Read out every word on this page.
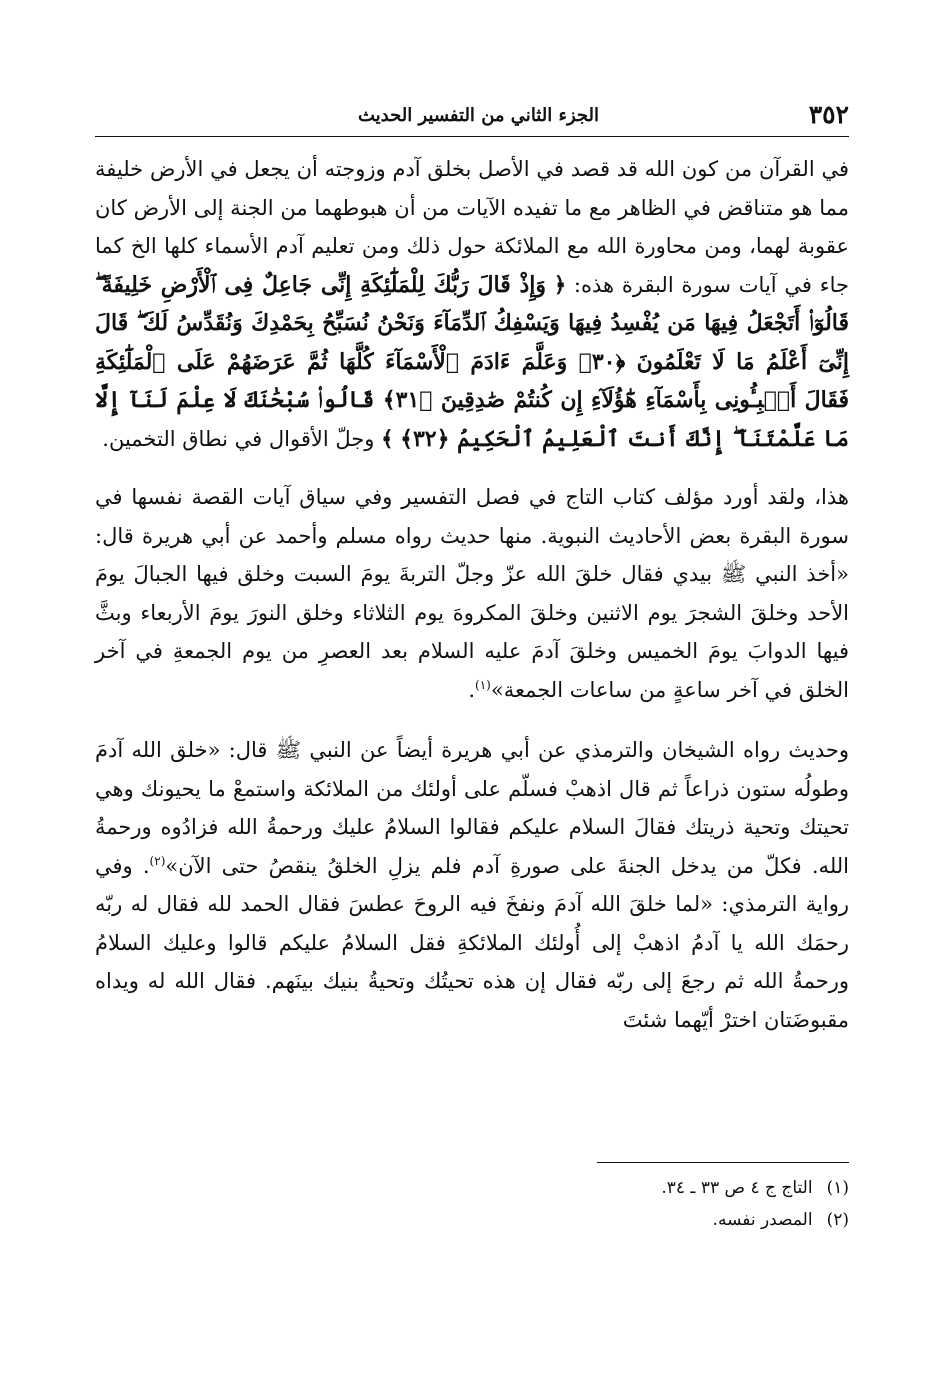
٣٥٢
الجزء الثاني من التفسير الحديث

في القرآن من كون الله قد قصد في الأصل بخلق آدم وزوجته أن يجعل في الأرض خليفة مما هو متناقض في الظاهر مع ما تفيده الآيات من أن هبوطهما من الجنة إلى الأرض كان عقوبة لهما، ومن محاورة الله مع الملائكة حول ذلك ومن تعليم آدم الأسماء كلها الخ كما جاء في آيات سورة البقرة هذه: ﴿ وَإِذْ قَالَ رَبُّكَ لِلْمَلَٰٓئِكَةِ إِنِّى جَاعِلٌ فِى ٱلْأَرْضِ خَلِيفَةً ۖ قَالُوٓا۟ أَتَجْعَلُ فِيهَا مَن يُفْسِدُ فِيهَا وَيَسْفِكُ ٱلدِّمَآءَ وَنَحْنُ نُسَبِّحُ بِحَمْدِكَ وَنُقَدِّسُ لَكَ ۖ قَالَ إِنِّىٓ أَعْلَمُ مَا لَا تَعْلَمُونَ ﴿٣٠﴾ وَعَلَّمَ ءَادَمَ ٱلْأَسْمَآءَ كُلَّهَا ثُمَّ عَرَضَهُمْ عَلَى ٱلْمَلَٰٓئِكَةِ فَقَالَ أَنۢبِـُٔونِى بِأَسْمَآءِ هَٰٓؤُلَآءِ إِن كُنتُمْ صَٰدِقِينَ ﴿٣١﴾ قَالُوا۟ سُبْحَٰنَكَ لَا عِلْمَ لَنَآ إِلَّا مَا عَلَّمْتَنَآ ۖ إِنَّكَ أَنتَ ٱلْعَلِيمُ ٱلْحَكِيمُ ﴿٣٢﴾ ﴾ وجلّ الأقوال في نطاق التخمين.

هذا، ولقد أورد مؤلف كتاب التاج في فصل التفسير وفي سياق آيات القصة نفسها في سورة البقرة بعض الأحاديث النبوية. منها حديث رواه مسلم وأحمد عن أبي هريرة قال: «أخذ النبي ﷺ بيدي فقال خلقَ الله عزّ وجلّ التربةَ يومَ السبت وخلق فيها الجبالَ يومَ الأحد وخلقَ الشجرَ يوم الاثنين وخلقَ المكروهَ يوم الثلاثاء وخلق النورَ يومَ الأربعاء وبثَّ فيها الدوابَ يومَ الخميس وخلقَ آدمَ عليه السلام بعد العصرِ من يوم الجمعةِ في آخر الخلق في آخر ساعةٍ من ساعات الجمعة»$^{(١)}$.

وحديث رواه الشيخان والترمذي عن أبي هريرة أيضاً عن النبي ﷺ قال: «خلق الله آدمَ وطولُه ستون ذراعاً ثم قال اذهبْ فسلّم على أولئك من الملائكة واستمعْ ما يحيونك وهي تحيتك وتحية ذريتك فقالَ السلام عليكم فقالوا السلامُ عليك ورحمةُ الله فزادُوه ورحمةُ الله. فكلّ من يدخل الجنةَ على صورةِ آدم فلم يزلِ الخلقُ ينقصُ حتى الآن»$^{(٢)}$. وفي رواية الترمذي: «لما خلقَ الله آدمَ ونفخَ فيه الروحَ عطسَ فقال الحمد لله فقال له ربّه رحمَك الله يا آدمُ اذهبْ إلى أُولئك الملائكةِ فقل السلامُ عليكم قالوا وعليك السلامُ ورحمةُ الله ثم رجعَ إلى ربّه فقال إن هذه تحيتُك وتحيةُ بنيك بينَهم. فقال الله له ويداه مقبوضَتان اخترْ أيّهما شئتَ

(١)التاج ج ٤ ص ٣٣ ـ ٣٤.
(٢)المصدر نفسه.
